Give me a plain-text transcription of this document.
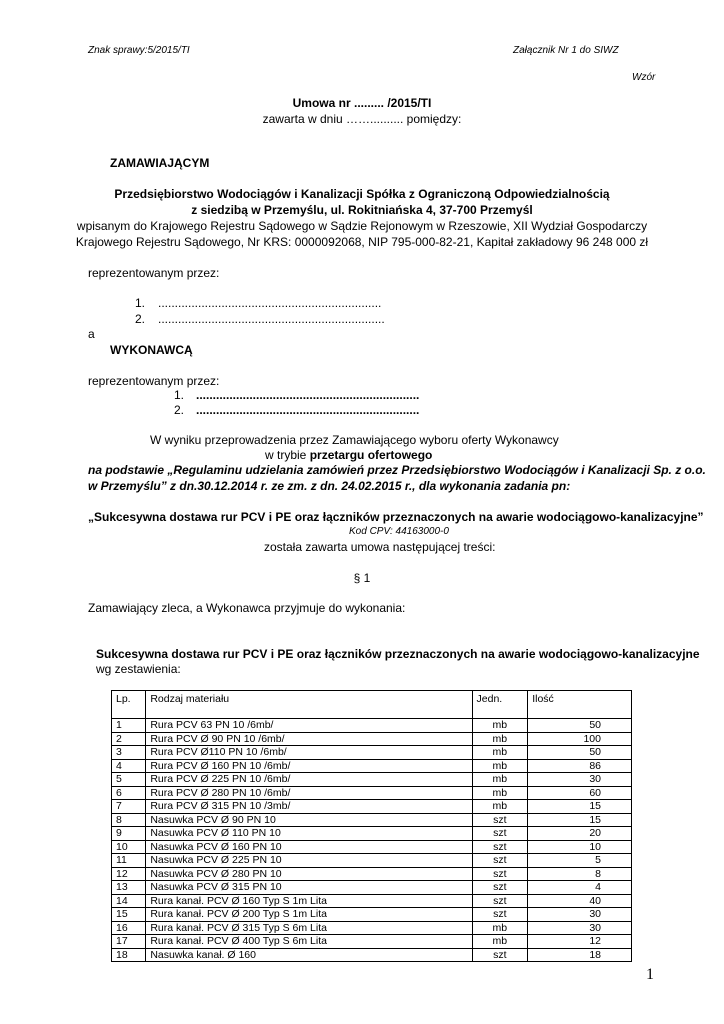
Znak sprawy:5/2015/TI	Załącznik Nr 1 do SIWZ
Wzór
Umowa nr ......... /2015/TI
zawarta w dniu …….......... pomiędzy:
ZAMAWIAJĄCYM
Przedsiębiorstwo Wodociągów i Kanalizacji Spółka z Ograniczoną Odpowiedzialnością
z siedzibą w Przemyślu, ul. Rokitniańska 4, 37-700 Przemyśl
wpisanym do Krajowego Rejestru Sądowego w Sądzie Rejonowym w Rzeszowie, XII Wydział Gospodarczy
Krajowego Rejestru Sądowego, Nr KRS: 0000092068, NIP 795-000-82-21, Kapitał zakładowy 96 248 000 zł
reprezentowanym przez:
1. ...................................................................
2. ....................................................................
a
WYKONAWCĄ
reprezentowanym przez:
1. ...................................................................
2. ...................................................................
W wyniku przeprowadzenia przez Zamawiającego wyboru oferty Wykonawcy
w trybie przetargu ofertowego
na podstawie „Regulaminu udzielania zamówień przez Przedsiębiorstwo Wodociągów i Kanalizacji Sp. z o.o.
w Przemyślu” z dn.30.12.2014 r. ze zm. z dn. 24.02.2015 r., dla wykonania zadania pn:
„Sukcesywna dostawa rur PCV i PE oraz łączników przeznaczonych na awarie wodociągowo-kanalizacyjne”
Kod CPV: 44163000-0
została zawarta umowa następującej treści:
§ 1
Zamawiający zleca, a Wykonawca przyjmuje do wykonania:
Sukcesywna dostawa rur PCV i PE oraz łączników przeznaczonych na awarie wodociągowo-kanalizacyjne
wg zestawienia:
Lp.	Rodzaj materiału	Jedn.	Ilość
1	Rura PCV 63 PN 10 /6mb/	mb	50
2	Rura PCV Ø 90 PN 10 /6mb/	mb	100
3	Rura PCV Ø110 PN 10 /6mb/	mb	50
4	Rura PCV Ø 160 PN 10 /6mb/	mb	86
5	Rura PCV Ø 225 PN 10 /6mb/	mb	30
6	Rura PCV Ø 280 PN 10 /6mb/	mb	60
7	Rura PCV Ø 315 PN 10 /3mb/	mb	15
8	Nasuwka PCV Ø 90 PN 10	szt	15
9	Nasuwka PCV Ø 110 PN 10	szt	20
10	Nasuwka PCV Ø 160 PN 10	szt	10
11	Nasuwka PCV Ø 225 PN 10	szt	5
12	Nasuwka PCV Ø 280 PN 10	szt	8
13	Nasuwka PCV Ø 315 PN 10	szt	4
14	Rura kanał. PCV Ø 160 Typ S 1m Lita	szt	40
15	Rura kanał. PCV Ø 200 Typ S 1m Lita	szt	30
16	Rura kanał. PCV Ø 315 Typ S 6m Lita	mb	30
17	Rura kanał. PCV Ø 400 Typ S 6m Lita	mb	12
18	Nasuwka kanał. Ø 160	szt	18
1
